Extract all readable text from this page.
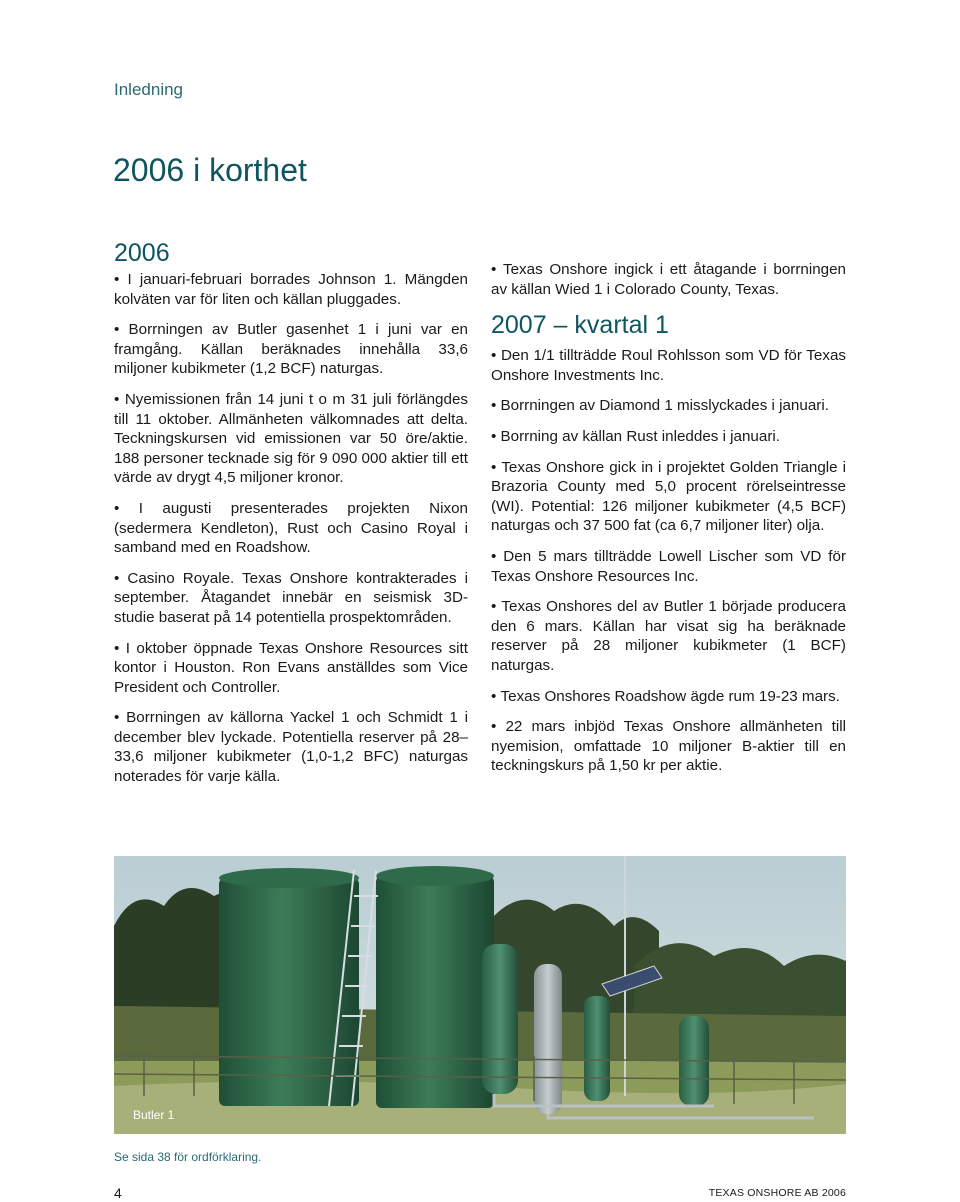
Inledning
2006 i korthet
2006

• I januari-februari borrades Johnson 1. Mängden kolväten var för liten och källan pluggades.

• Borrningen av Butler gasenhet 1 i juni var en framgång. Källan beräknades innehålla 33,6 miljoner kubikmeter (1,2 BCF) naturgas.

• Nyemissionen från 14 juni t o m 31 juli förlängdes till 11 oktober. Allmänheten välkomnades att delta. Teckningskursen vid emissionen var 50 öre/aktie. 188 personer tecknade sig för 9 090 000 aktier till ett värde av drygt 4,5 miljoner kronor.

• I augusti presenterades projekten Nixon (sedermera Kendleton), Rust och Casino Royal i samband med en Roadshow.

• Casino Royale. Texas Onshore kontrakterades i september. Åtagandet innebär en seismisk 3D-studie baserat på 14 potentiella prospektområden.

• I oktober öppnade Texas Onshore Resources sitt kontor i Houston. Ron Evans anställdes som Vice President och Controller.

• Borrningen av källorna Yackel 1 och Schmidt 1 i december blev lyckade. Potentiella reserver på 28–33,6 miljoner kubikmeter (1,0-1,2 BFC) naturgas noterades för varje källa.

• Texas Onshore ingick i ett åtagande i borrningen av källan Wied 1 i Colorado County, Texas.

2007 – kvartal 1

• Den 1/1 tillträdde Roul Rohlsson som VD för Texas Onshore Investments Inc.

• Borrningen av Diamond 1 misslyckades i januari.

• Borrning av källan Rust inleddes i januari.

• Texas Onshore gick in i projektet Golden Triangle i Brazoria County med 5,0 procent rörelseintresse (WI). Potential: 126 miljoner kubikmeter (4,5 BCF) naturgas och 37 500 fat (ca 6,7 miljoner liter) olja.

• Den 5 mars tillträdde Lowell Lischer som VD för Texas Onshore Resources Inc.

• Texas Onshores del av Butler 1 började producera den 6 mars. Källan har visat sig ha beräknade reserver på 28 miljoner kubikmeter (1 BCF) naturgas.

• Texas Onshores Roadshow ägde rum 19-23 mars.

• 22 mars inbjöd Texas Onshore allmänheten till nyemision, omfattade 10 miljoner B-aktier till en teckningskurs på 1,50 kr per aktie.

Butler 1
Se sida 38 för ordförklaring.
4	TEXAS ONSHORE AB 2006
